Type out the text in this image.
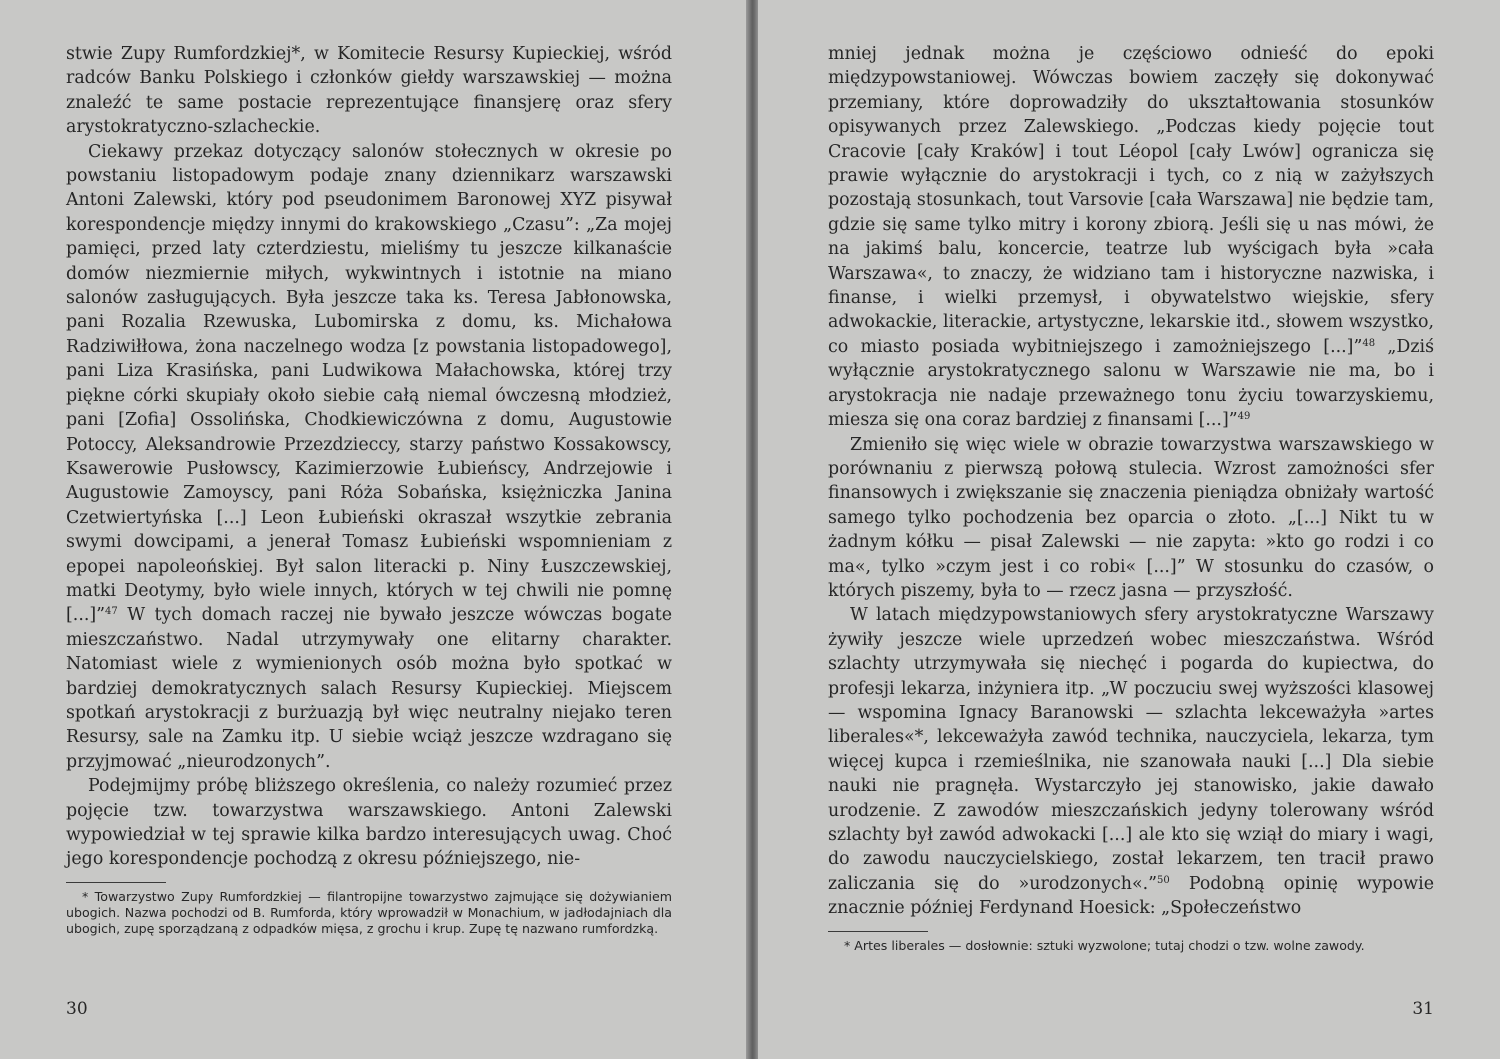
stwie Zupy Rumfordzkiej*, w Komitecie Resursy Kupieckiej, wśród radców Banku Polskiego i członków giełdy warszawskiej — można znaleźć te same postacie reprezentujące finansjerę oraz sfery arystokratyczno-szlacheckie.

Ciekawy przekaz dotyczący salonów stołecznych w okresie po powstaniu listopadowym podaje znany dziennikarz warszawski Antoni Zalewski, który pod pseudonimem Baronowej XYZ pisywał korespondencje między innymi do krakowskiego „Czasu”: „Za mojej pamięci, przed laty czterdziestu, mieliśmy tu jeszcze kilkanaście domów niezmiernie miłych, wykwintnych i istotnie na miano salonów zasługujących. Była jeszcze taka ks. Teresa Jabłonowska, pani Rozalia Rzewuska, Lubomirska z domu, ks. Michałowa Radziwiłłowa, żona naczelnego wodza [z powstania listopadowego], pani Liza Krasińska, pani Ludwikowa Małachowska, której trzy piękne córki skupiały około siebie całą niemal ówczesną młodzież, pani [Zofia] Ossolińska, Chodkiewiczówna z domu, Augustowie Potoccy, Aleksandrowie Przezdzieccy, starzy państwo Kossakowscy, Ksawerowie Pusłowscy, Kazimierzowie Łubieńscy, Andrzejowie i Augustowie Zamoyscy, pani Róża Sobańska, księżniczka Janina Czetwiertyńska [...] Leon Łubieński okraszał wszytkie zebrania swymi dowcipami, a jenerał Tomasz Łubieński wspomnieniam z epopei napoleońskiej. Był salon literacki p. Niny Łuszczewskiej, matki Deotymy, było wiele innych, których w tej chwili nie pomnę [...]”$^{47}$ W tych domach raczej nie bywało jeszcze wówczas bogate mieszczaństwo. Nadal utrzymywały one elitarny charakter. Natomiast wiele z wymienionych osób można było spotkać w bardziej demokratycznych salach Resursy Kupieckiej. Miejscem spotkań arystokracji z burżuazją był więc neutralny niejako teren Resursy, sale na Zamku itp. U siebie wciąż jeszcze wzdragano się przyjmować „nieurodzonych”.

Podejmijmy próbę bliższego określenia, co należy rozumieć przez pojęcie tzw. towarzystwa warszawskiego. Antoni Zalewski wypowiedział w tej sprawie kilka bardzo interesujących uwag. Choć jego korespondencje pochodzą z okresu późniejszego, nie-

* Towarzystwo Zupy Rumfordzkiej — filantropijne towarzystwo zajmujące się dożywianiem ubogich. Nazwa pochodzi od B. Rumforda, który wprowadził w Monachium, w jadłodajniach dla ubogich, zupę sporządzaną z odpadków mięsa, z grochu i krup. Zupę tę nazwano rumfordzką.

30

mniej jednak można je częściowo odnieść do epoki międzypowstaniowej. Wówczas bowiem zaczęły się dokonywać przemiany, które doprowadziły do ukształtowania stosunków opisywanych przez Zalewskiego. „Podczas kiedy pojęcie tout Cracovie [cały Kraków] i tout Léopol [cały Lwów] ogranicza się prawie wyłącznie do arystokracji i tych, co z nią w zażyłszych pozostają stosunkach, tout Varsovie [cała Warszawa] nie będzie tam, gdzie się same tylko mitry i korony zbiorą. Jeśli się u nas mówi, że na jakimś balu, koncercie, teatrze lub wyścigach była »cała Warszawa«, to znaczy, że widziano tam i historyczne nazwiska, i finanse, i wielki przemysł, i obywatelstwo wiejskie, sfery adwokackie, literackie, artystyczne, lekarskie itd., słowem wszystko, co miasto posiada wybitniejszego i zamożniejszego [...]”$^{48}$ „Dziś wyłącznie arystokratycznego salonu w Warszawie nie ma, bo i arystokracja nie nadaje przeważnego tonu życiu towarzyskiemu, miesza się ona coraz bardziej z finansami [...]”$^{49}$

Zmieniło się więc wiele w obrazie towarzystwa warszawskiego w porównaniu z pierwszą połową stulecia. Wzrost zamożności sfer finansowych i zwiększanie się znaczenia pieniądza obniżały wartość samego tylko pochodzenia bez oparcia o złoto. „[...] Nikt tu w żadnym kółku — pisał Zalewski — nie zapyta: »kto go rodzi i co ma«, tylko »czym jest i co robi« [...]” W stosunku do czasów, o których piszemy, była to — rzecz jasna — przyszłość.

W latach międzypowstaniowych sfery arystokratyczne Warszawy żywiły jeszcze wiele uprzedzeń wobec mieszczaństwa. Wśród szlachty utrzymywała się niechęć i pogarda do kupiectwa, do profesji lekarza, inżyniera itp. „W poczuciu swej wyższości klasowej — wspomina Ignacy Baranowski — szlachta lekceważyła »artes liberales«*, lekceważyła zawód technika, nauczyciela, lekarza, tym więcej kupca i rzemieślnika, nie szanowała nauki [...] Dla siebie nauki nie pragnęła. Wystarczyło jej stanowisko, jakie dawało urodzenie. Z zawodów mieszczańskich jedyny tolerowany wśród szlachty był zawód adwokacki [...] ale kto się wziął do miary i wagi, do zawodu nauczycielskiego, został lekarzem, ten tracił prawo zaliczania się do »urodzonych«.”$^{50}$ Podobną opinię wypowie znacznie później Ferdynand Hoesick: „Społeczeństwo

* Artes liberales — dosłownie: sztuki wyzwolone; tutaj chodzi o tzw. wolne zawody.

31
